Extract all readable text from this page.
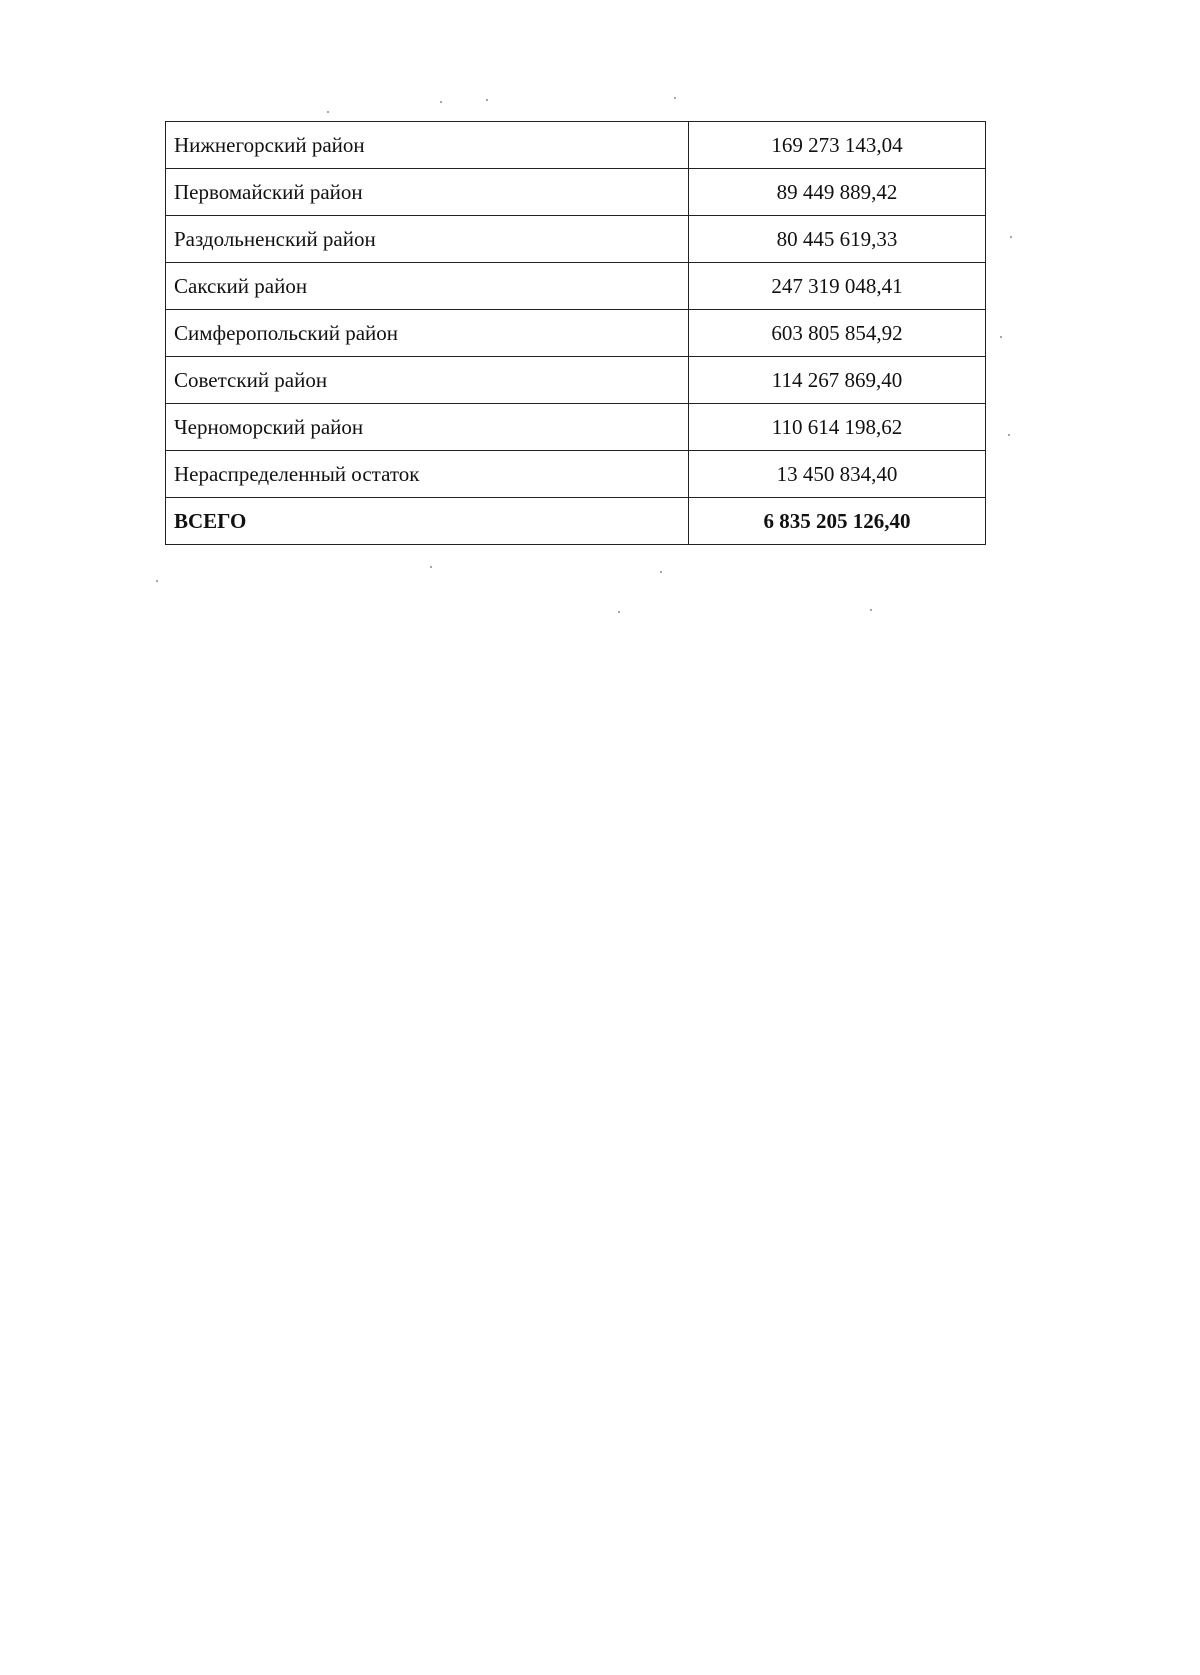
Нижнегорский район	169 273 143,04
Первомайский район	89 449 889,42
Раздольненский район	80 445 619,33
Сакский район	247 319 048,41
Симферопольский район	603 805 854,92
Советский район	114 267 869,40
Черноморский район	110 614 198,62
Нераспределенный остаток	13 450 834,40
ВСЕГО	6 835 205 126,40
